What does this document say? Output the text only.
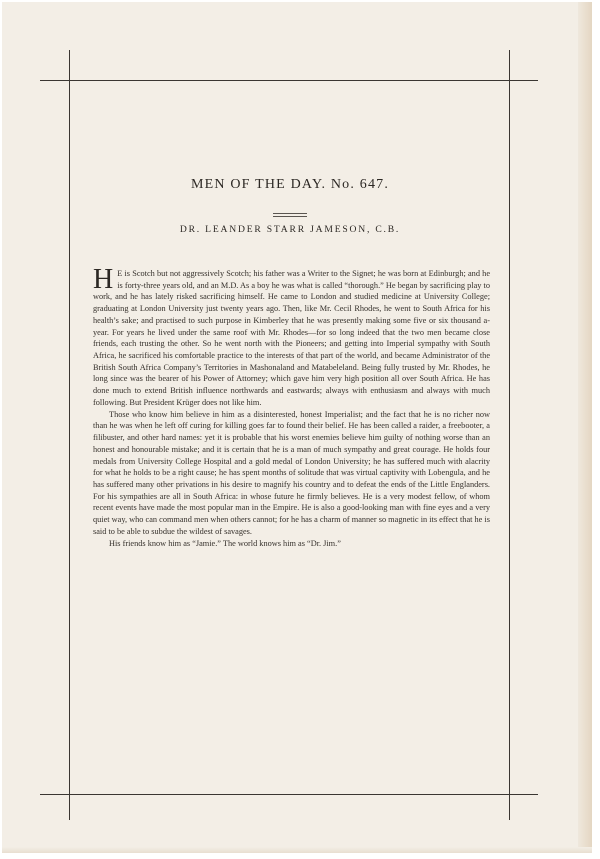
MEN OF THE DAY. No. 647.
DR. LEANDER STARR JAMESON, C.B.

H E is Scotch but not aggressively Scotch; his father was a Writer to the Signet; he was born at Edinburgh; and he is forty-three years old, and an M.D. As a boy he was what is called “thorough.” He began by sacrificing play to work, and he has lately risked sacrificing himself. He came to London and studied medicine at University College; graduating at London University just twenty years ago. Then, like Mr. Cecil Rhodes, he went to South Africa for his health’s sake; and practised to such purpose in Kimberley that he was presently making some five or six thousand a-year. For years he lived under the same roof with Mr. Rhodes—for so long indeed that the two men became close friends, each trusting the other. So he went north with the Pioneers; and getting into Imperial sympathy with South Africa, he sacrificed his comfortable practice to the interests of that part of the world, and became Administrator of the British South Africa Company’s Territories in Mashonaland and Matabeleland. Being fully trusted by Mr. Rhodes, he long since was the bearer of his Power of Attorney; which gave him very high position all over South Africa. He has done much to extend British influence northwards and eastwards; always with enthusiasm and always with much following. But President Krüger does not like him.

Those who know him believe in him as a disinterested, honest Imperialist; and the fact that he is no richer now than he was when he left off curing for killing goes far to found their belief. He has been called a raider, a freebooter, a filibuster, and other hard names: yet it is probable that his worst enemies believe him guilty of nothing worse than an honest and honourable mistake; and it is certain that he is a man of much sympathy and great courage. He holds four medals from University College Hospital and a gold medal of London University; he has suffered much with alacrity for what he holds to be a right cause; he has spent months of solitude that was virtual captivity with Lobengula, and he has suffered many other privations in his desire to magnify his country and to defeat the ends of the Little Englanders. For his sympathies are all in South Africa: in whose future he firmly believes. He is a very modest fellow, of whom recent events have made the most popular man in the Empire. He is also a good-looking man with fine eyes and a very quiet way, who can command men when others cannot; for he has a charm of manner so magnetic in its effect that he is said to be able to subdue the wildest of savages.

His friends know him as “Jamie.” The world knows him as “Dr. Jim.”
